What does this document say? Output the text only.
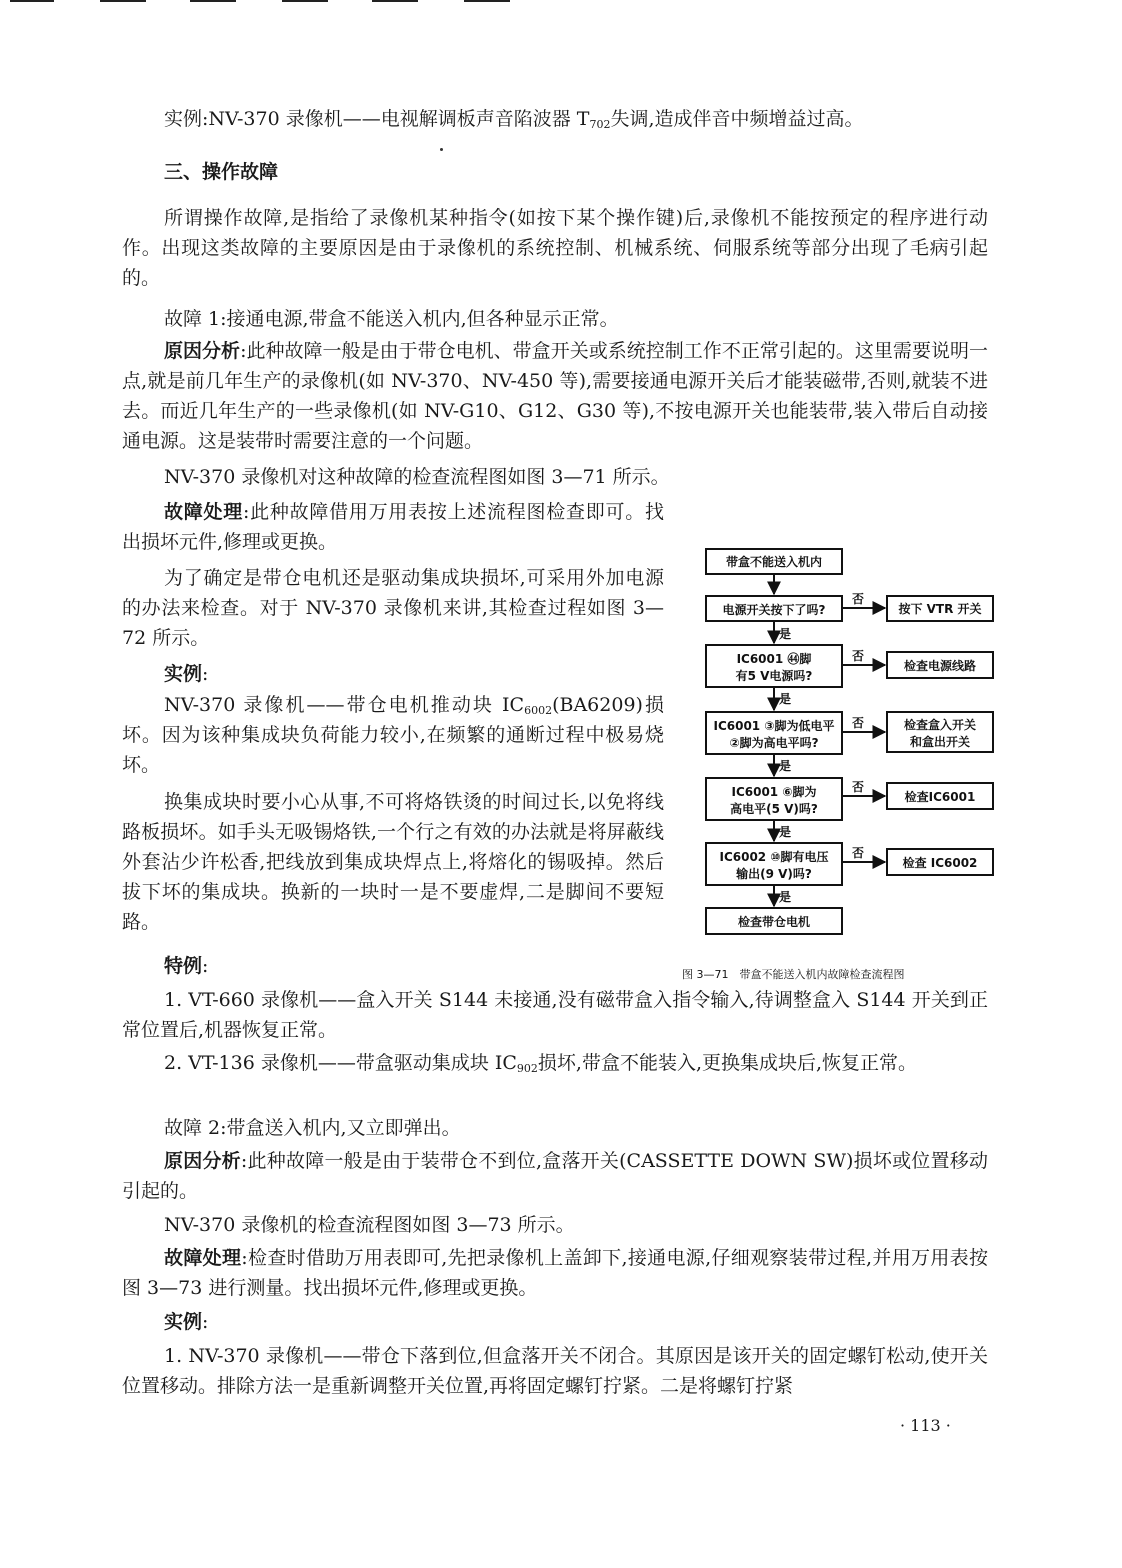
实例:NV-370 录像机——电视解调板声音陷波器 $T_{702}$失调,造成伴音中频增益过高。

三、操作故障

所谓操作故障,是指给了录像机某种指令(如按下某个操作键)后,录像机不能按预定的程序进行动作。出现这类故障的主要原因是由于录像机的系统控制、机械系统、伺服系统等部分出现了毛病引起的。

故障 1:接通电源,带盒不能送入机内,但各种显示正常。

原因分析:此种故障一般是由于带仓电机、带盒开关或系统控制工作不正常引起的。这里需要说明一点,就是前几年生产的录像机(如 NV-370、NV-450 等),需要接通电源开关后才能装磁带,否则,就装不进去。而近几年生产的一些录像机(如 NV-G10、G12、G30 等),不按电源开关也能装带,装入带后自动接通电源。这是装带时需要注意的一个问题。

NV-370 录像机对这种故障的检查流程图如图 3—71 所示。

故障处理:此种故障借用万用表按上述流程图检查即可。找出损坏元件,修理或更换。

为了确定是带仓电机还是驱动集成块损坏,可采用外加电源的办法来检查。对于 NV-370 录像机来讲,其检查过程如图 3—72 所示。

实例:

NV-370 录像机——带仓电机推动块 $IC_{6002}(BA6209)$损坏。因为该种集成块负荷能力较小,在频繁的通断过程中极易烧坏。

换集成块时要小心从事,不可将烙铁烫的时间过长,以免将线路板损坏。如手头无吸锡烙铁,一个行之有效的办法就是将屏蔽线外套沾少许松香,把线放到集成块焊点上,将熔化的锡吸掉。然后拔下坏的集成块。换新的一块时一是不要虚焊,二是脚间不要短路。

特例:

1. VT-660 录像机——盒入开关 S144 未接通,没有磁带盒入指令输入,待调整盒入 S144 开关到正常位置后,机器恢复正常。

2. VT-136 录像机——带盒驱动集成块 $IC_{902}$损坏,带盒不能装入,更换集成块后,恢复正常。

故障 2:带盒送入机内,又立即弹出。

原因分析:此种故障一般是由于装带仓不到位,盒落开关(CASSETTE DOWN SW)损坏或位置移动引起的。

NV-370 录像机的检查流程图如图 3—73 所示。

故障处理:检查时借助万用表即可,先把录像机上盖卸下,接通电源,仔细观察装带过程,并用万用表按图 3—73 进行测量。找出损坏元件,修理或更换。

实例:

1. NV-370 录像机——带仓下落到位,但盒落开关不闭合。其原因是该开关的固定螺钉松动,使开关位置移动。排除方法一是重新调整开关位置,再将固定螺钉拧紧。二是将螺钉拧紧

· 113 ·
带盒不能送入机内
电源开关按下了吗?
IC6001 ㊹脚
有5 V电源吗?
IC6001 ③脚为低电平
②脚为高电平吗?
IC6001 ⑥脚为
高电平(5 V)吗?
IC6002 ⑩脚有电压
输出(9 V)吗?
检查带仓电机
按下 VTR 开关
检查电源线路
检查盒入开关
和盒出开关
检查IC6001
检查 IC6002
是
是
是
是
是
否
否
否
否
否
图 3—71　带盒不能送入机内故障检查流程图
